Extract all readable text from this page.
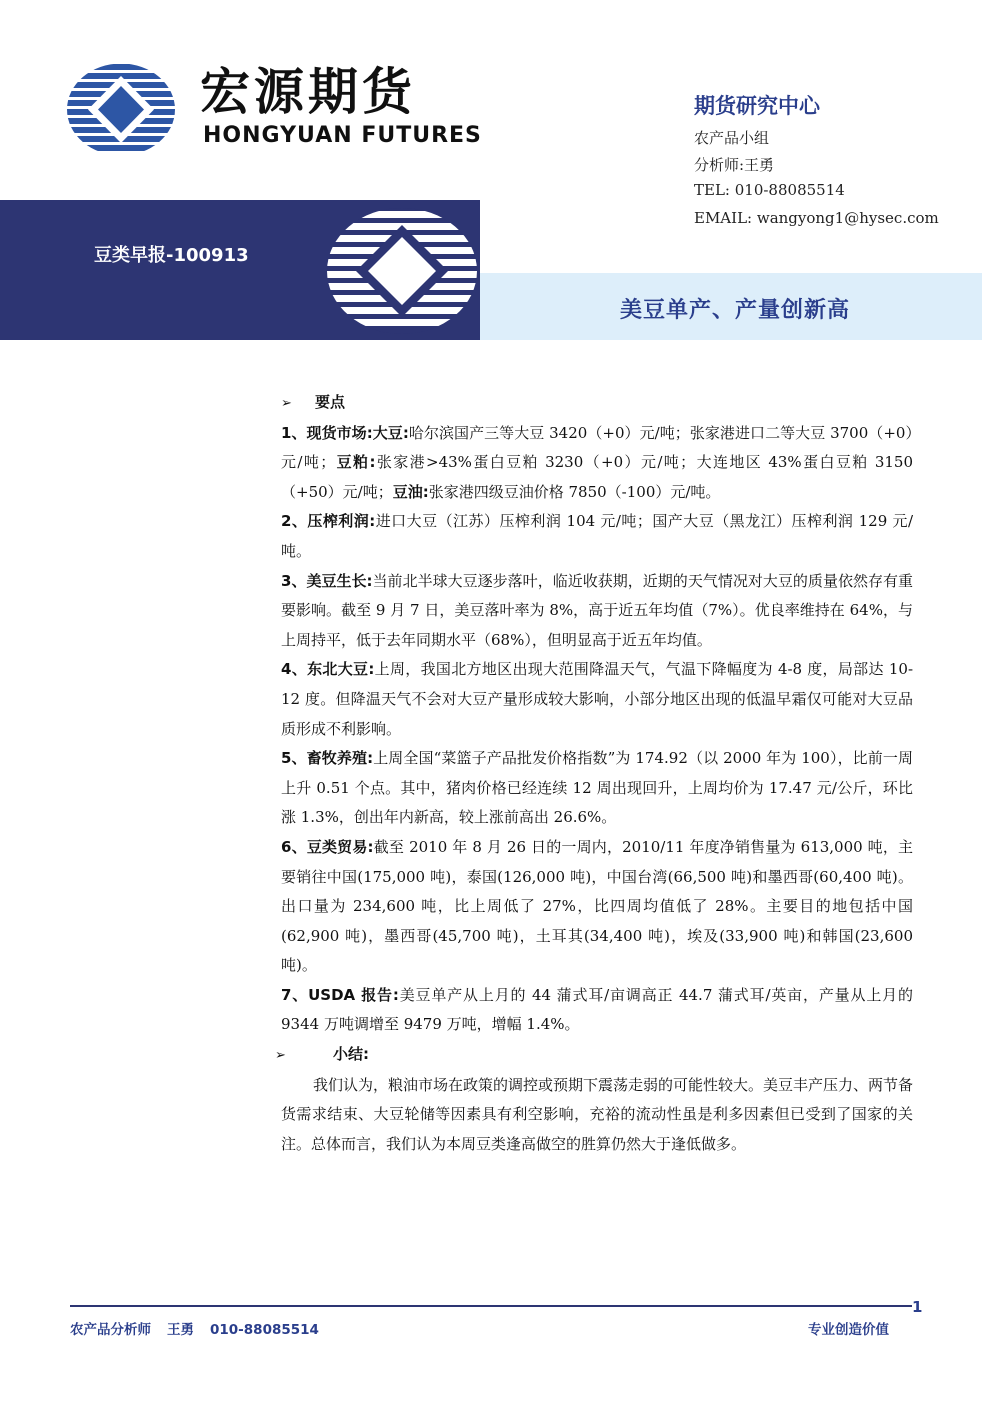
宏源期货
HONGYUAN FUTURES
期货研究中心
农产品小组
分析师:王勇
TEL: 010-88085514
EMAIL: wangyong1@hysec.com
豆类早报-100913
美豆单产、产量创新高
➢ 要点

1、现货市场:大豆:哈尔滨国产三等大豆 3420（+0）元/吨；张家港进口二等大豆 3700（+0）元/吨；豆粕:张家港>43%蛋白豆粕 3230（+0）元/吨；大连地区 43%蛋白豆粕 3150（+50）元/吨；豆油:张家港四级豆油价格 7850（-100）元/吨。

2、压榨利润:进口大豆（江苏）压榨利润 104 元/吨；国产大豆（黑龙江）压榨利润 129 元/吨。

3、美豆生长:当前北半球大豆逐步落叶，临近收获期，近期的天气情况对大豆的质量依然存有重要影响。截至 9 月 7 日，美豆落叶率为 8%，高于近五年均值（7%）。优良率维持在 64%，与上周持平，低于去年同期水平（68%），但明显高于近五年均值。

4、东北大豆:上周，我国北方地区出现大范围降温天气，气温下降幅度为 4-8 度，局部达 10-12 度。但降温天气不会对大豆产量形成较大影响，小部分地区出现的低温早霜仅可能对大豆品质形成不利影响。

5、畜牧养殖:上周全国“菜篮子产品批发价格指数”为 174.92（以 2000 年为 100），比前一周上升 0.51 个点。其中，猪肉价格已经连续 12 周出现回升，上周均价为 17.47 元/公斤，环比涨 1.3%，创出年内新高，较上涨前高出 26.6%。

6、豆类贸易:截至 2010 年 8 月 26 日的一周内，2010/11 年度净销售量为 613,000 吨，主要销往中国(175,000 吨)，泰国(126,000 吨)，中国台湾(66,500 吨)和墨西哥(60,400 吨)。出口量为 234,600 吨，比上周低了 27%，比四周均值低了 28%。主要目的地包括中国(62,900 吨)，墨西哥(45,700 吨)，土耳其(34,400 吨)，埃及(33,900 吨)和韩国(23,600 吨)。

7、USDA 报告:美豆单产从上月的 44 蒲式耳/亩调高正 44.7 蒲式耳/英亩，产量从上月的 9344 万吨调增至 9479 万吨，增幅 1.4%。

➢	小结:

我们认为，粮油市场在政策的调控或预期下震荡走弱的可能性较大。美豆丰产压力、两节备货需求结束、大豆轮储等因素具有利空影响，充裕的流动性虽是利多因素但已受到了国家的关注。总体而言，我们认为本周豆类逢高做空的胜算仍然大于逢低做多。

1
农产品分析师 王勇 010-88085514	专业创造价值
